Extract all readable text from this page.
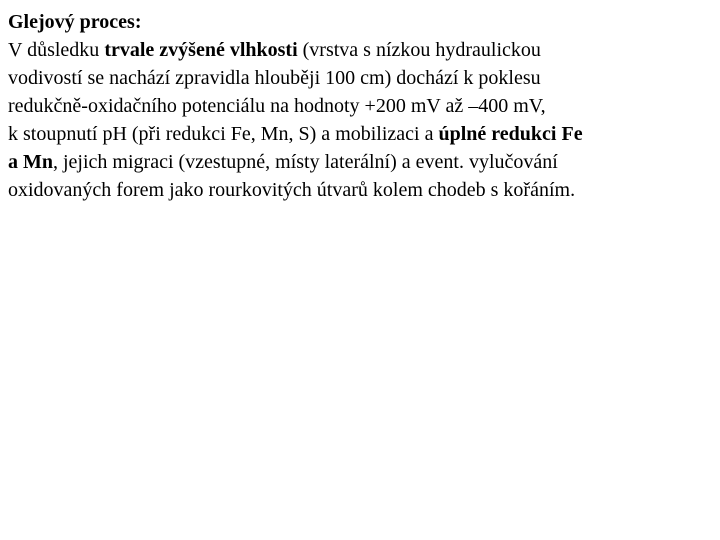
Glejový proces:

V důsledku trvale zvýšené vlhkosti (vrstva s nízkou hydraulickou
vodivostí se nachází zpravidla hlouběji 100 cm) dochází k poklesu
redukčně-oxidačního potenciálu na hodnoty +200 mV až –400 mV,
k stoupnutí pH (při redukci Fe, Mn, S) a mobilizaci a úplné redukci Fe
a Mn, jejich migraci (vzestupné, místy laterální) a event. vylučování
oxidovaných forem jako rourkovitých útvarů kolem chodeb s kořáním.
